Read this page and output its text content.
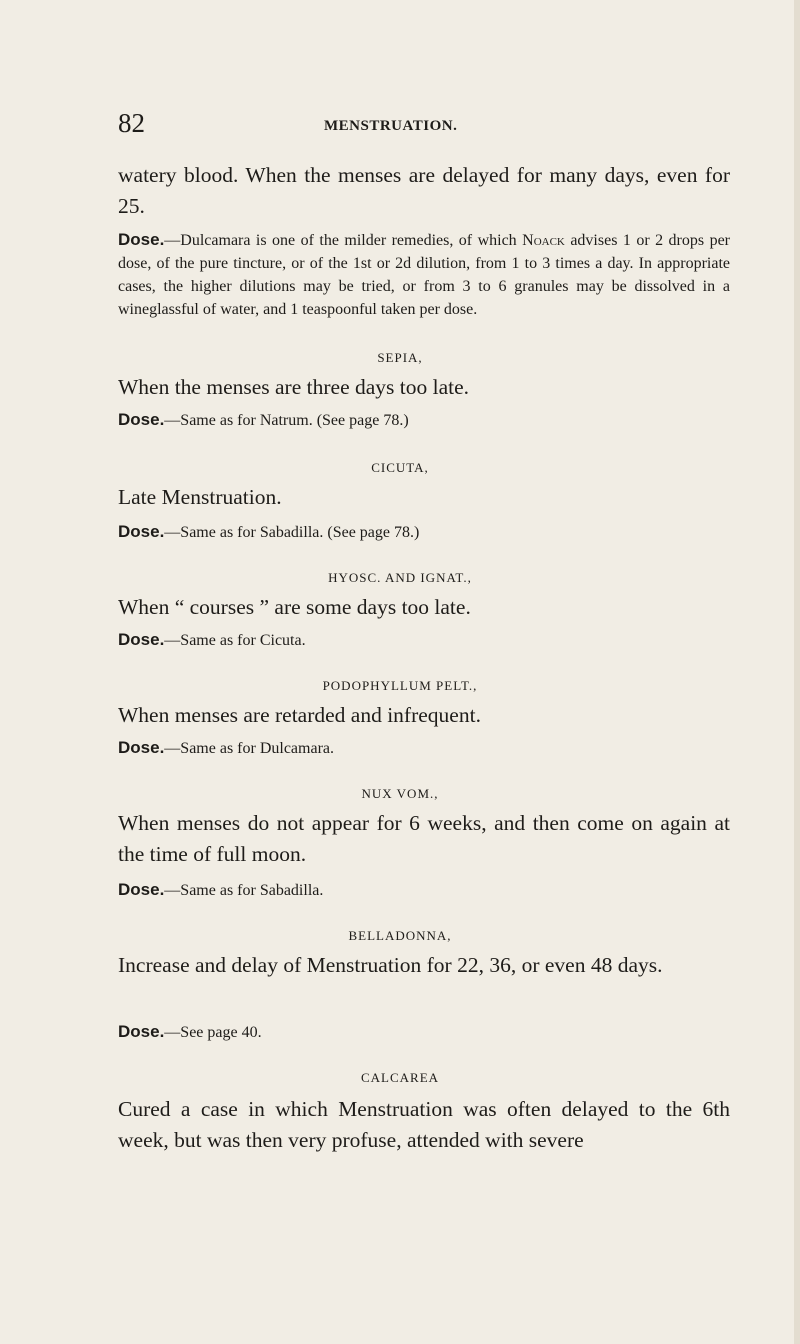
82	MENSTRUATION.
watery blood. When the menses are delayed for many days, even for 25.
Dose.—Dulcamara is one of the milder remedies, of which Noack advises 1 or 2 drops per dose, of the pure tincture, or of the 1st or 2d dilution, from 1 to 3 times a day. In appropriate cases, the higher dilutions may be tried, or from 3 to 6 granules may be dissolved in a wineglassful of water, and 1 teaspoonful taken per dose.
SEPIA,
When the menses are three days too late.
Dose.—Same as for Natrum. (See page 78.)
CICUTA,
Late Menstruation.
Dose.—Same as for Sabadilla. (See page 78.)
HYOSC. AND IGNAT.,
When “ courses ” are some days too late.
Dose.—Same as for Cicuta.
PODOPHYLLUM PELT.,
When menses are retarded and infrequent.
Dose.—Same as for Dulcamara.
NUX VOM.,
When menses do not appear for 6 weeks, and then come on again at the time of full moon.
Dose.—Same as for Sabadilla.
BELLADONNA,
Increase and delay of Menstruation for 22, 36, or even 48 days.
Dose.—See page 40.
CALCAREA
Cured a case in which Menstruation was often delayed to the 6th week, but was then very profuse, attended with severe
